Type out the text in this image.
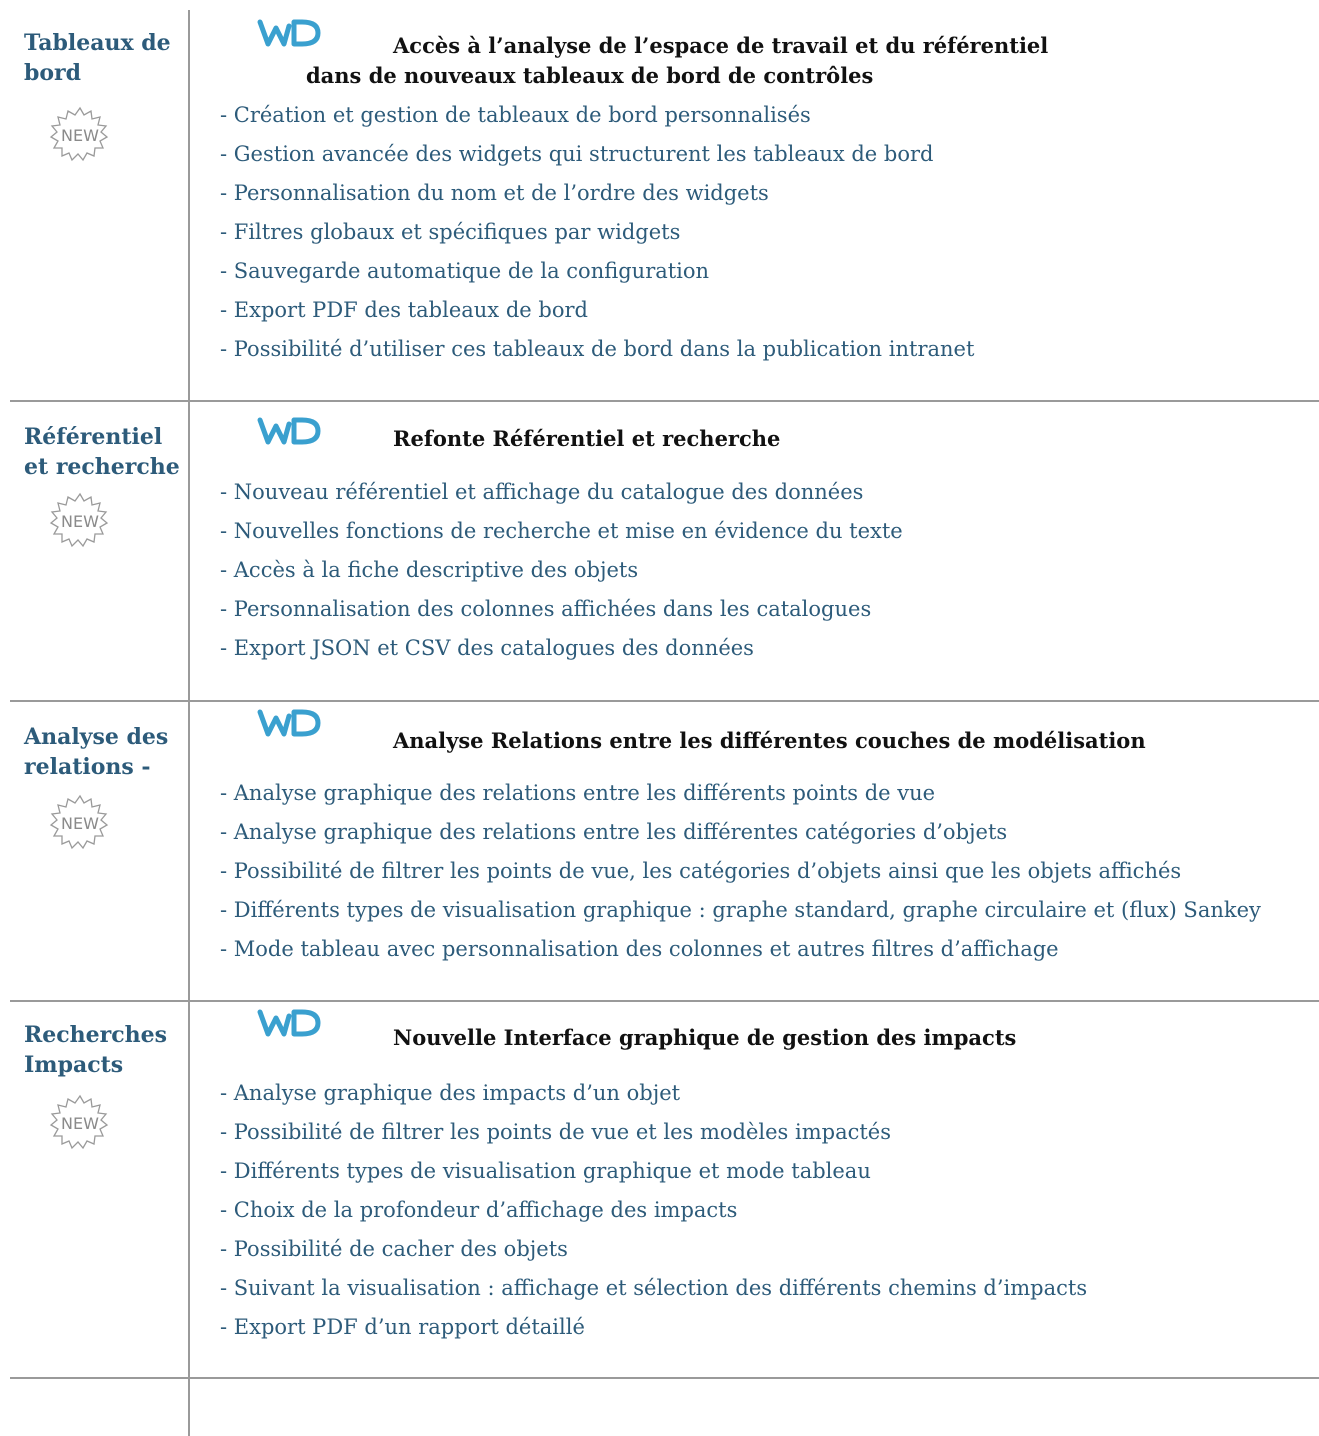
Tableaux de bord
NEW
Accès à l’analyse de l’espace de travail et du référentiel
dans de nouveaux tableaux de bord de contrôles
- Création et gestion de tableaux de bord personnalisés
- Gestion avancée des widgets qui structurent les tableaux de bord
- Personnalisation du nom et de l’ordre des widgets
- Filtres globaux et spécifiques par widgets
- Sauvegarde automatique de la configuration
- Export PDF des tableaux de bord
- Possibilité d’utiliser ces tableaux de bord dans la publication intranet
Référentiel et recherche
NEW
Refonte Référentiel et recherche
- Nouveau référentiel et affichage du catalogue des données
- Nouvelles fonctions de recherche et mise en évidence du texte
- Accès à la fiche descriptive des objets
- Personnalisation des colonnes affichées dans les catalogues
- Export JSON et CSV des catalogues des données
Analyse des relations -
NEW
Analyse Relations entre les différentes couches de modélisation
- Analyse graphique des relations entre les différents points de vue
- Analyse graphique des relations entre les différentes catégories d’objets
- Possibilité de filtrer les points de vue, les catégories d’objets ainsi que les objets affichés
- Différents types de visualisation graphique : graphe standard, graphe circulaire et (flux) Sankey
- Mode tableau avec personnalisation des colonnes et autres filtres d’affichage
Recherches Impacts
NEW
Nouvelle Interface graphique de gestion des impacts
- Analyse graphique des impacts d’un objet
- Possibilité de filtrer les points de vue et les modèles impactés
- Différents types de visualisation graphique et mode tableau
- Choix de la profondeur d’affichage des impacts
- Possibilité de cacher des objets
- Suivant la visualisation : affichage et sélection des différents chemins d’impacts
- Export PDF d’un rapport détaillé
